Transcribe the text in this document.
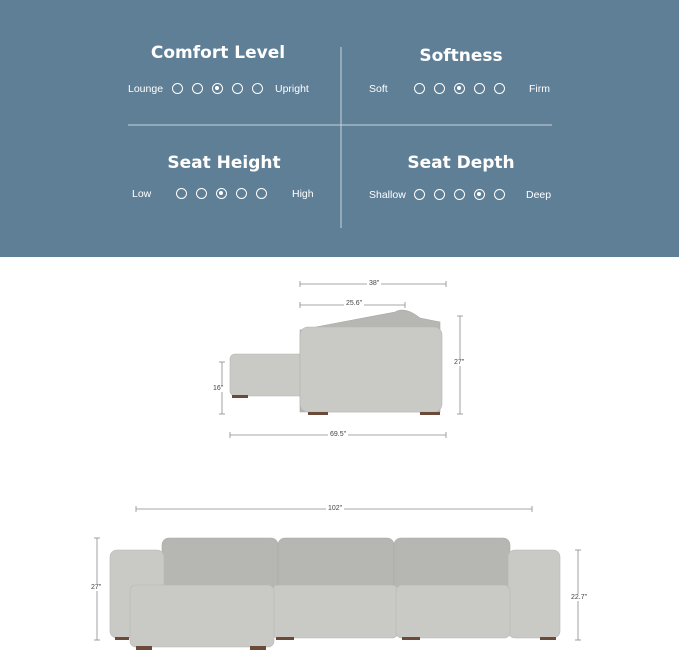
Comfort Level
Lounge	Upright
Softness
Soft	Firm
Seat Height
Low	High
Seat Depth
Shallow	Deep
38"
25.6"
27"
16"
69.5"
102"
27"
22.7"
